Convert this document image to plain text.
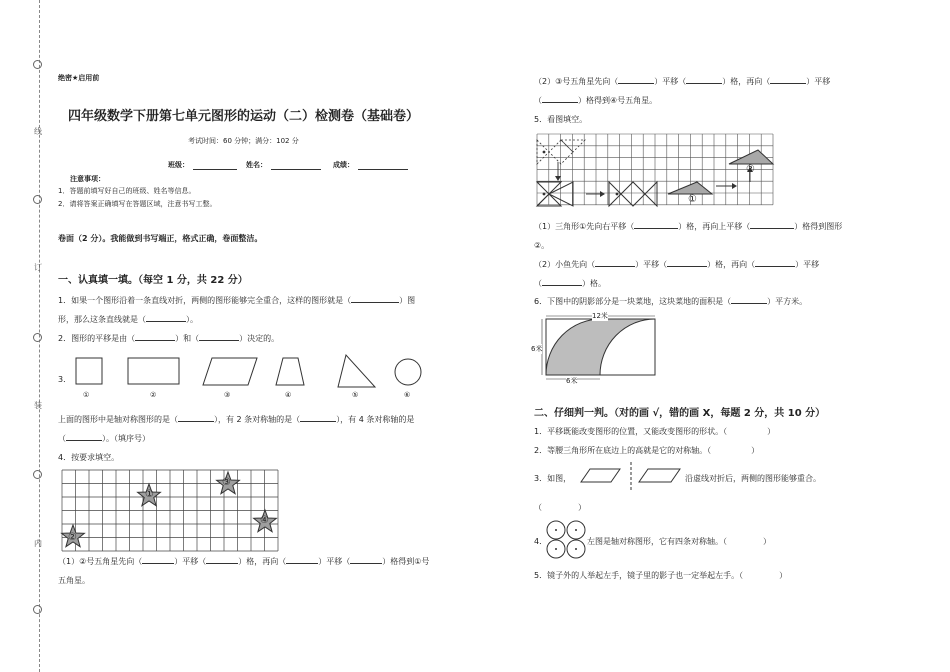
线
订
装
内
绝密★启用前
四年级数学下册第七单元图形的运动（二）检测卷（基础卷）
考试时间：60 分钟；满分：102 分
班级：	姓名：	成绩：
注意事项：
1．答题前填写好自己的班级、姓名等信息。
2．请将答案正确填写在答题区域，注意书写工整。
卷面（2 分）。我能做到书写端正，格式正确，卷面整洁。
一、认真填一填。（每空 1 分，共 22 分）
1．如果一个图形沿着一条直线对折，两侧的图形能够完全重合，这样的图形就是（	）图
形，那么这条直线就是（	）。
2．图形的平移是由（	）和（	）决定的。
3．
①	②	③	④	⑤	⑥
上面的图形中是轴对称图形的是（	），有 2 条对称轴的是（	），有 4 条对称轴的是
（	）。（填序号）
4．按要求填空。
①
②
③
④
（1）②号五角星先向（	）平移（	）格，再向（	）平移（	）格得到①号
五角星。
（2）③号五角星先向（	）平移（	）格，再向（	）平移
（	）格得到④号五角星。
5．看图填空。
①
②
（1）三角形①先向右平移（	）格，再向上平移（	）格得到图形
②。
（2）小鱼先向（	）平移（	）格，再向（	）平移
（	）格。
6．下图中的阴影部分是一块菜地，这块菜地的面积是（	）平方米。
12米
6米
6米
二、仔细判一判。（对的画 √，错的画 X，每题 2 分，共 10 分）
1．平移既能改变图形的位置，又能改变图形的形状。（	）
2．等腰三角形所在底边上的高就是它的对称轴。（	）
3．如图，	沿虚线对折后，两侧的图形能够重合。
（	）
4．	左图是轴对称图形，它有四条对称轴。（	）
5．镜子外的人举起左手，镜子里的影子也一定举起左手。（	）
